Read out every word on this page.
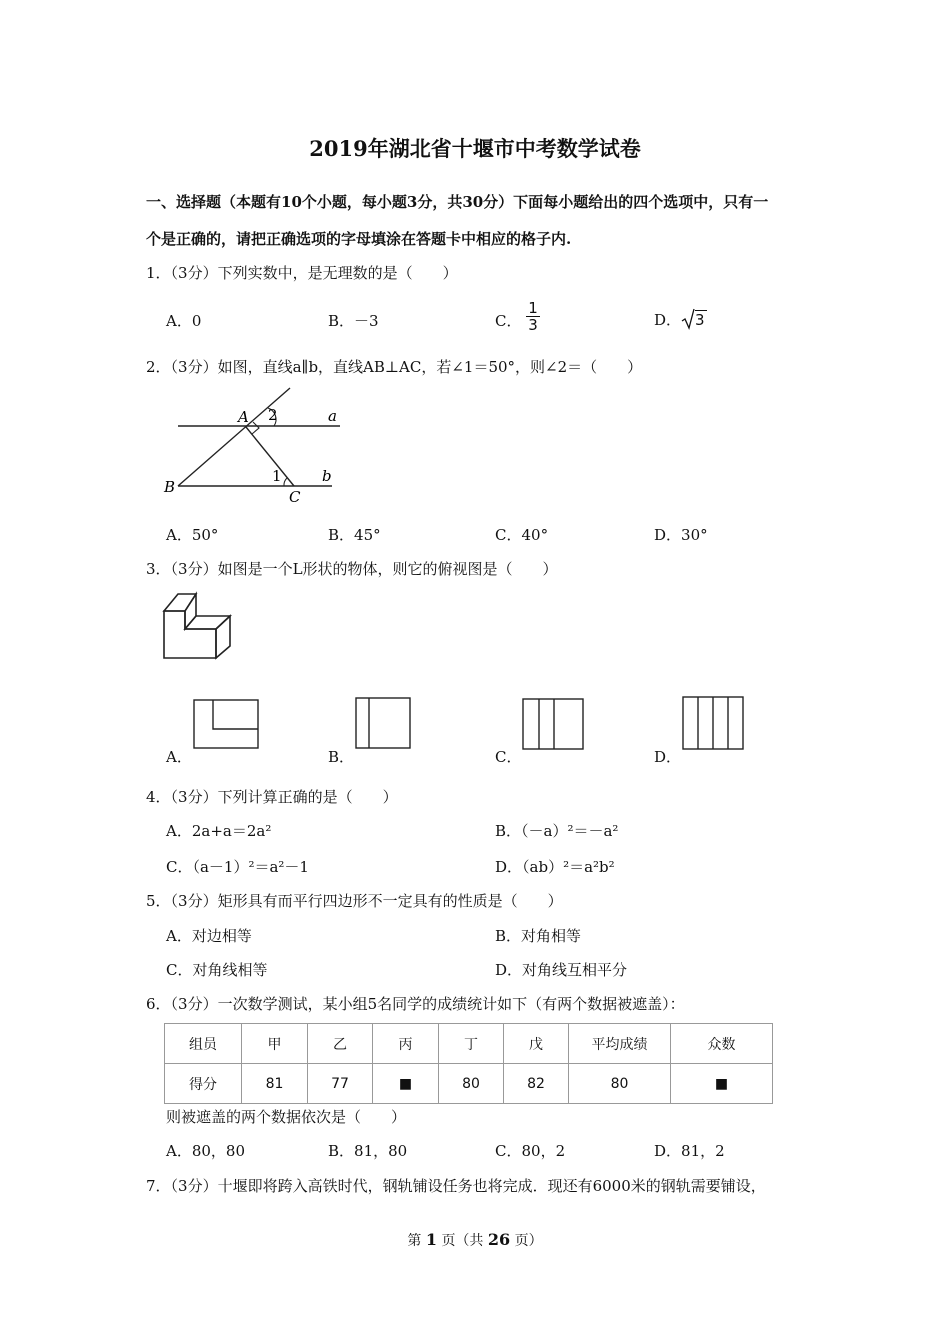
2019年湖北省十堰市中考数学试卷
一、选择题（本题有10个小题，每小题3分，共30分）下面每小题给出的四个选项中，只有一
个是正确的，请把正确选项的字母填涂在答题卡中相应的格子内.
1．（3分）下列实数中，是无理数的是（　　）
A．0	B．－3	C． $\frac{1}{3}$	D． 3
2．（3分）如图，直线a∥b，直线AB⊥AC，若∠1＝50°，则∠2＝（　　）
A 2	a
B
1	b
C
A．50°	B．45°	C．40°	D．30°
3．（3分）如图是一个L形状的物体，则它的俯视图是（　　）
A．	B．	C．	D．
4．（3分）下列计算正确的是（　　）
A．2a+a＝2a²	B．（－a）²＝－a²
C．（a－1）²＝a²－1	D．（ab）²＝a²b²
5．（3分）矩形具有而平行四边形不一定具有的性质是（　　）
A．对边相等	B．对角相等
C．对角线相等	D．对角线互相平分
6．（3分）一次数学测试，某小组5名同学的成绩统计如下（有两个数据被遮盖）：
组员	甲	乙	丙	丁	戊	平均成绩	众数
得分	81	77	■	80	82	80	■
则被遮盖的两个数据依次是（　　）
A．80，80	B．81，80	C．80，2	D．81，2
7．（3分）十堰即将跨入高铁时代，钢轨铺设任务也将完成．现还有6000米的钢轨需要铺设，
第 1 页（共 26 页）
